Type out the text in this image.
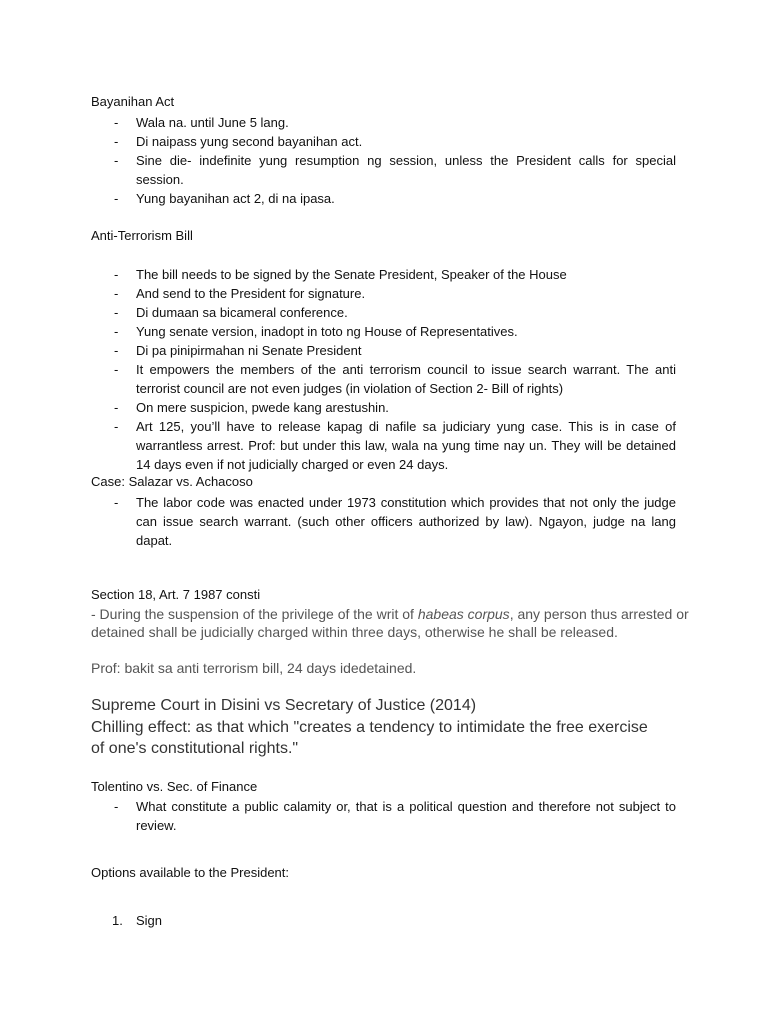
Bayanihan Act
- Wala na. until June 5 lang.
- Di naipass yung second bayanihan act.
- Sine die- indefinite yung resumption ng session, unless the President calls for special session.
- Yung bayanihan act 2, di na ipasa.
Anti-Terrorism Bill
- The bill needs to be signed by the Senate President, Speaker of the House
- And send to the President for signature.
- Di dumaan sa bicameral conference.
- Yung senate version, inadopt in toto ng House of Representatives.
- Di pa pinipirmahan ni Senate President
- It empowers the members of the anti terrorism council to issue search warrant. The anti terrorist council are not even judges (in violation of Section 2- Bill of rights)
- On mere suspicion, pwede kang arestushin.
- Art 125, you’ll have to release kapag di nafile sa judiciary yung case. This is in case of warrantless arrest. Prof: but under this law, wala na yung time nay un. They will be detained 14 days even if not judicially charged or even 24 days.
Case: Salazar vs. Achacoso
- The labor code was enacted under 1973 constitution which provides that not only the judge can issue search warrant. (such other officers authorized by law). Ngayon, judge na lang dapat.
Section 18, Art. 7 1987 consti
- During the suspension of the privilege of the writ of habeas corpus, any person thus arrested or detained shall be judicially charged within three days, otherwise he shall be released.
Prof: bakit sa anti terrorism bill, 24 days idedetained.
Supreme Court in Disini vs Secretary of Justice (2014)
Chilling effect: as that which "creates a tendency to intimidate the free exercise of one's constitutional rights."
Tolentino vs. Sec. of Finance
- What constitute a public calamity or, that is a political question and therefore not subject to review.
Options available to the President:
1. Sign
